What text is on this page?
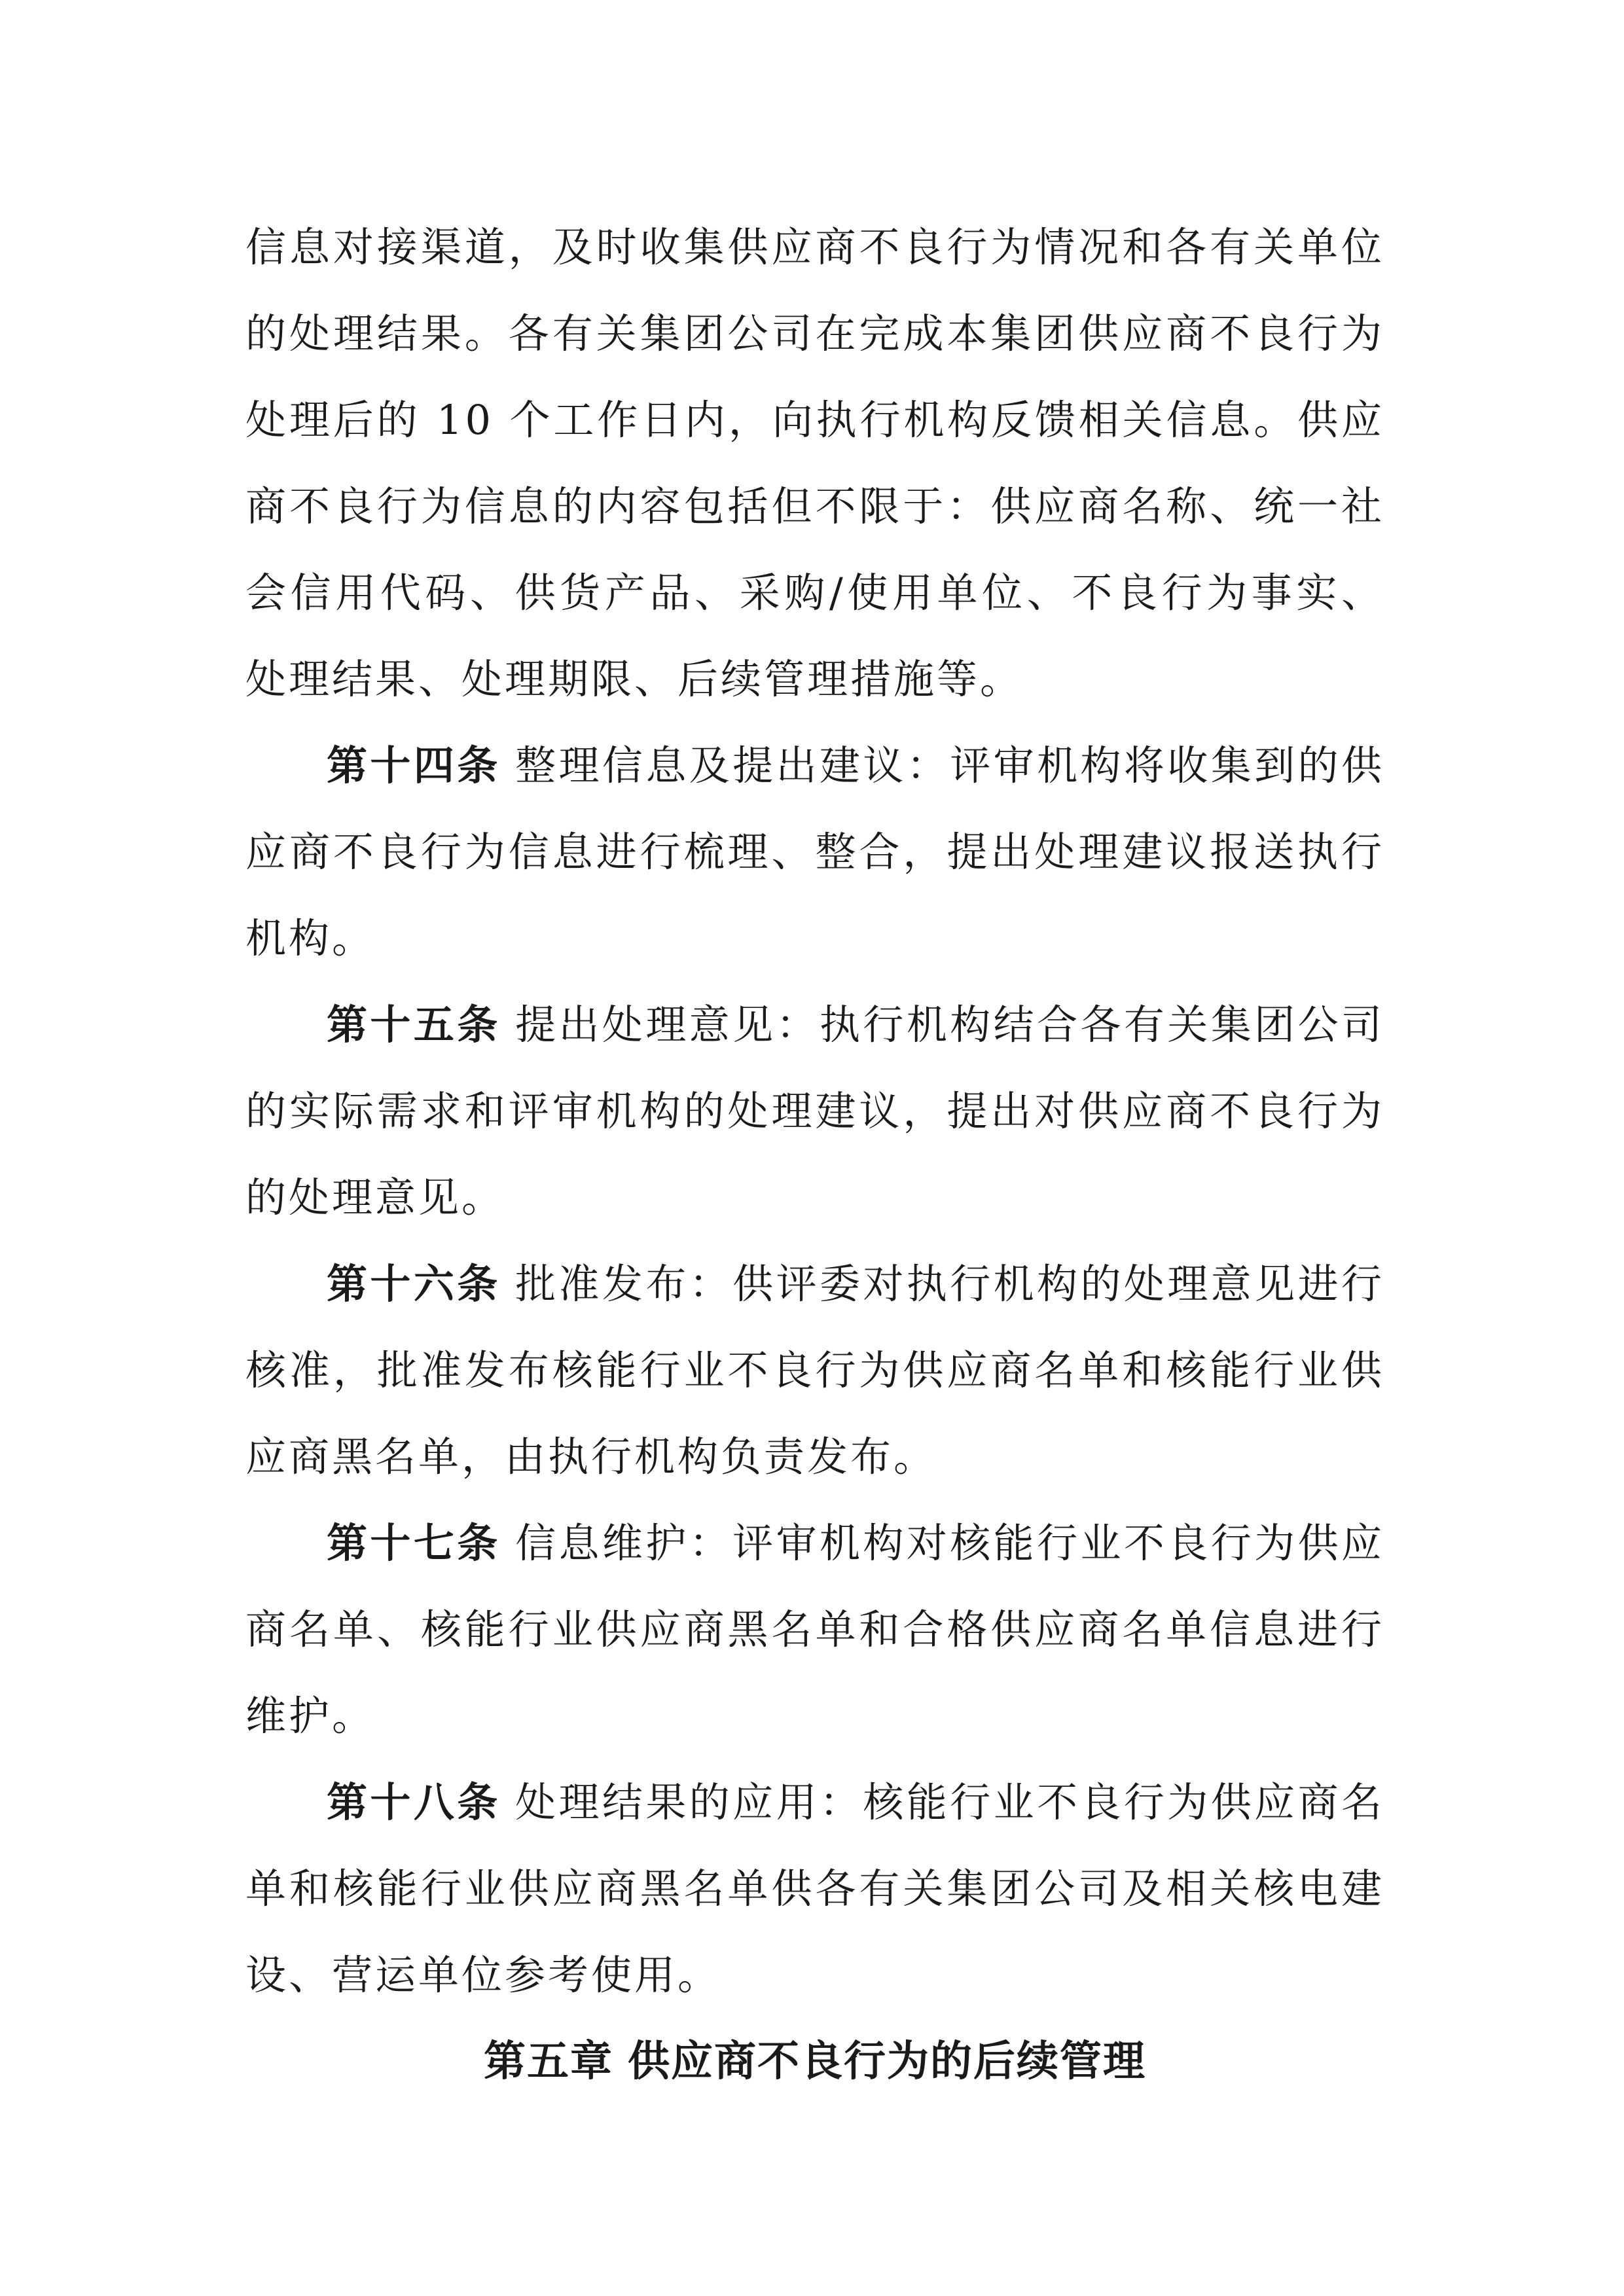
信息对接渠道，及时收集供应商不良行为情况和各有关单位的处理结果。各有关集团公司在完成本集团供应商不良行为处理后的 10 个工作日内，向执行机构反馈相关信息。供应商不良行为信息的内容包括但不限于：供应商名称、统一社会信用代码、供货产品、采购/使用单位、不良行为事实、处理结果、处理期限、后续管理措施等。

第十四条 整理信息及提出建议：评审机构将收集到的供应商不良行为信息进行梳理、整合，提出处理建议报送执行机构。

第十五条 提出处理意见：执行机构结合各有关集团公司的实际需求和评审机构的处理建议，提出对供应商不良行为的处理意见。

第十六条 批准发布：供评委对执行机构的处理意见进行核准，批准发布核能行业不良行为供应商名单和核能行业供应商黑名单，由执行机构负责发布。

第十七条 信息维护：评审机构对核能行业不良行为供应商名单、核能行业供应商黑名单和合格供应商名单信息进行维护。

第十八条 处理结果的应用：核能行业不良行为供应商名单和核能行业供应商黑名单供各有关集团公司及相关核电建设、营运单位参考使用。

第五章 供应商不良行为的后续管理
